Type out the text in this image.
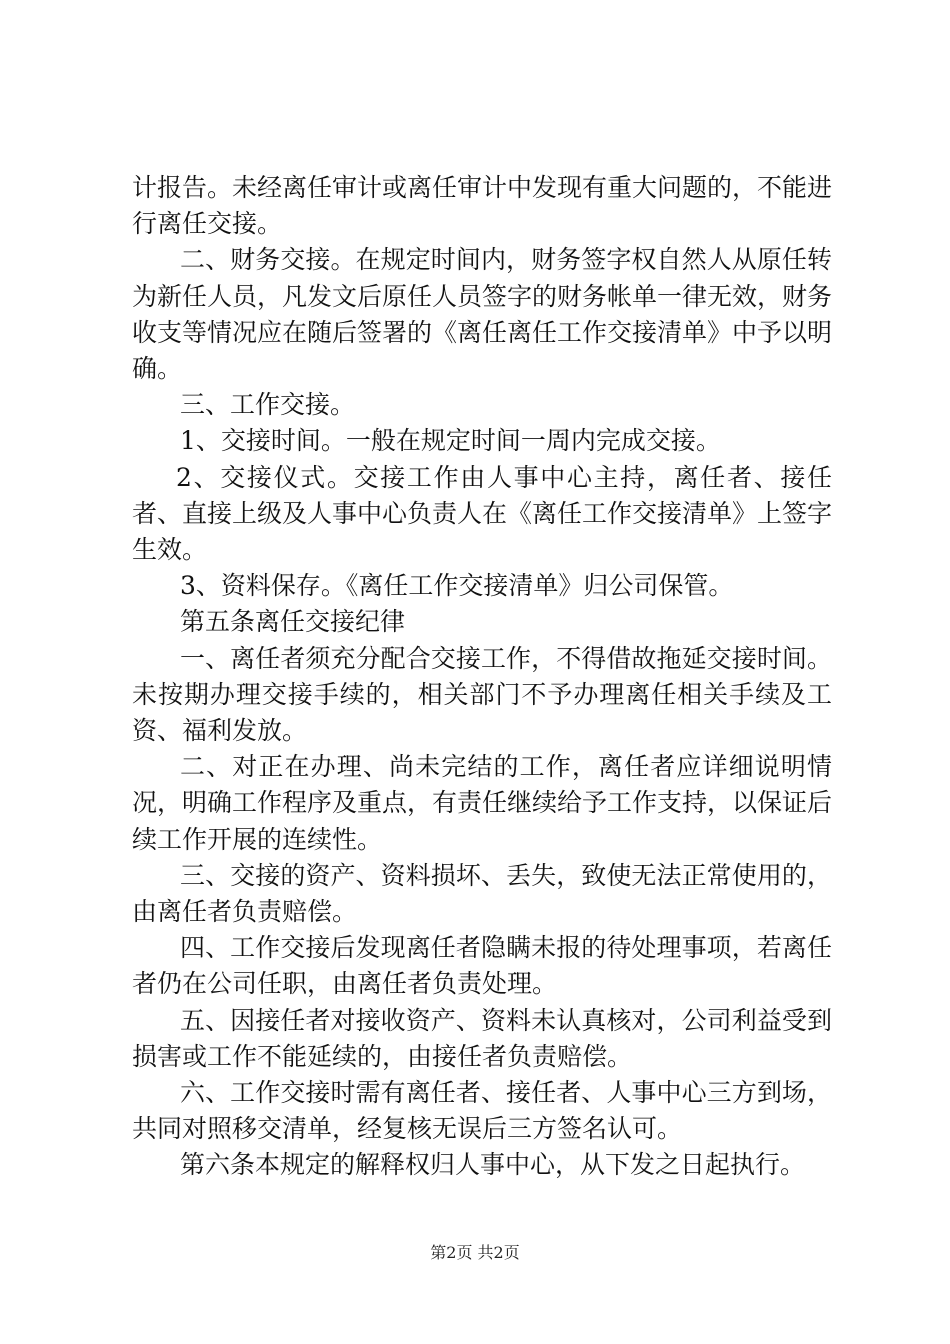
计报告。未经离任审计或离任审计中发现有重大问题的，不能进行离任交接。

二、财务交接。在规定时间内，财务签字权自然人从原任转为新任人员，凡发文后原任人员签字的财务帐单一律无效，财务收支等情况应在随后签署的《离任离任工作交接清单》中予以明确。

三、工作交接。

1、交接时间。一般在规定时间一周内完成交接。

2、交接仪式。交接工作由人事中心主持，离任者、接任者、直接上级及人事中心负责人在《离任工作交接清单》上签字生效。

3、资料保存。《离任工作交接清单》归公司保管。

第五条离任交接纪律

一、离任者须充分配合交接工作，不得借故拖延交接时间。未按期办理交接手续的，相关部门不予办理离任相关手续及工资、福利发放。

二、对正在办理、尚未完结的工作，离任者应详细说明情况，明确工作程序及重点，有责任继续给予工作支持，以保证后续工作开展的连续性。

三、交接的资产、资料损坏、丢失，致使无法正常使用的，由离任者负责赔偿。

四、工作交接后发现离任者隐瞒未报的待处理事项，若离任者仍在公司任职，由离任者负责处理。

五、因接任者对接收资产、资料未认真核对，公司利益受到损害或工作不能延续的，由接任者负责赔偿。

六、工作交接时需有离任者、接任者、人事中心三方到场，共同对照移交清单，经复核无误后三方签名认可。

第六条本规定的解释权归人事中心，从下发之日起执行。

第2页 共2页
